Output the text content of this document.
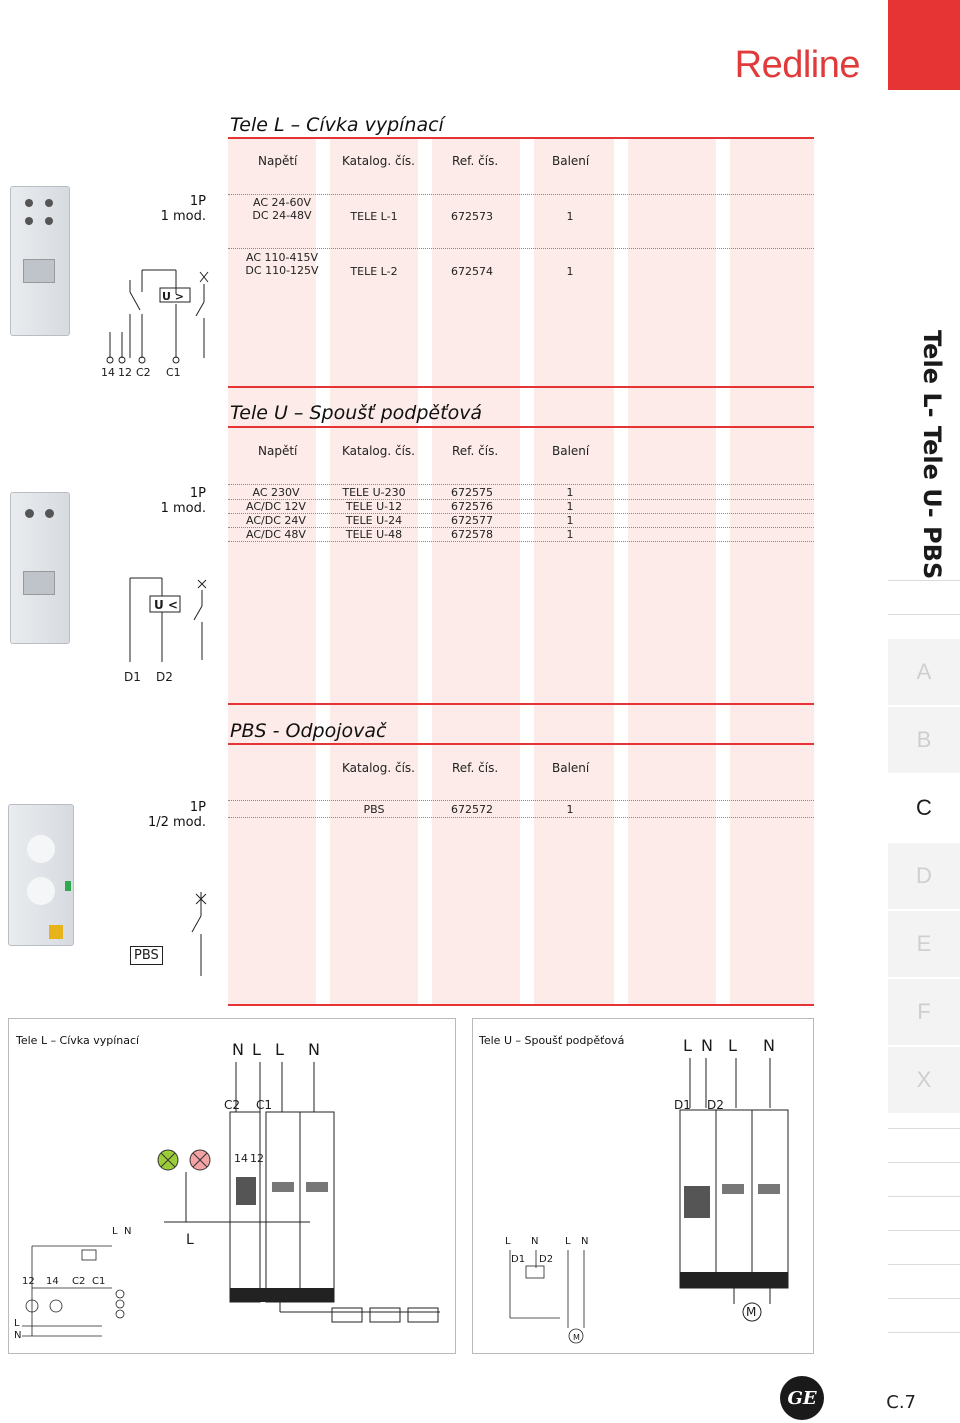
Redline
Tele L- Tele U- PBS
A
B
C
D
E
F
X
Tele L – Cívka vypínací
Napětí	Katalog. čís.	Ref. čís.	Balení
1P
1 mod.
AC 24-60V
DC 24-48V	TELE L-1	672573	1
AC 110-415V
DC 110-125V	TELE L-2	672574	1
U >
14 12 C2 C1
Tele U – Spoušť podpěťová
Napětí	Katalog. čís.	Ref. čís.	Balení
1P
1 mod.
AC 230V	TELE U-230	672575	1
AC/DC 12V	TELE U-12	672576	1
AC/DC 24V	TELE U-24	672577	1
AC/DC 48V	TELE U-48	672578	1
U <
D1 D2
PBS - Odpojovač
Katalog. čís.	Ref. čís.	Balení
1P
1/2 mod.
PBS	672572	1
PBS
Tele L – Cívka vypínací	N L L N
C2 C1
14 12
L
L N
12 14 C2 C1
L
N
Tele U – Spoušť podpěťová	L N L N
D1 D2
M
L N	L N
D1 D2
M
GE	C.7
